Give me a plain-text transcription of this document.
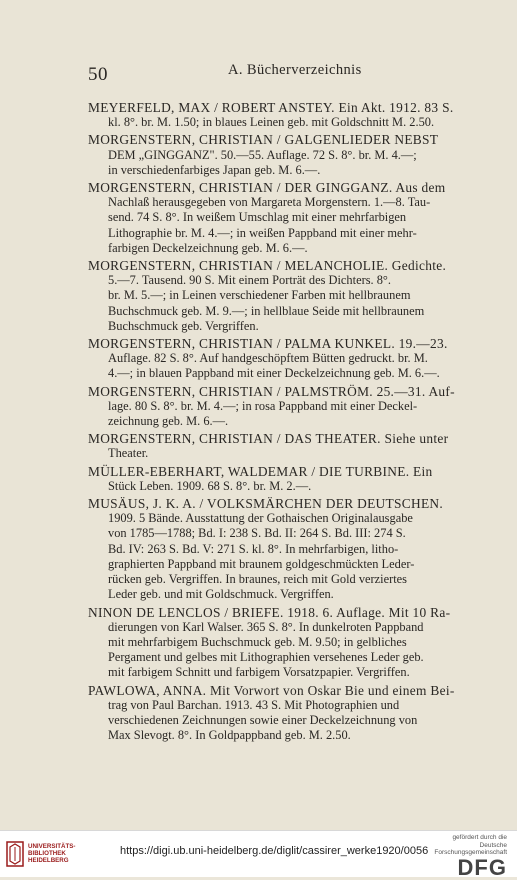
50	A. Bücherverzeichnis
MEYERFELD, MAX / ROBERT ANSTEY. Ein Akt. 1912. 83 S.
kl. 8°. br. M. 1.50; in blaues Leinen geb. mit Goldschnitt M. 2.50.
MORGENSTERN, CHRISTIAN / GALGENLIEDER NEBST
DEM „GINGGANZ". 50.—55. Auflage. 72 S. 8°. br. M. 4.—;
in verschiedenfarbiges Japan geb. M. 6.—.
MORGENSTERN, CHRISTIAN / DER GINGGANZ. Aus dem
Nachlaß herausgegeben von Margareta Morgenstern. 1.—8. Tau-
send. 74 S. 8°. In weißem Umschlag mit einer mehrfarbigen
Lithographie br. M. 4.—; in weißen Pappband mit einer mehr-
farbigen Deckelzeichnung geb. M. 6.—.
MORGENSTERN, CHRISTIAN / MELANCHOLIE. Gedichte.
5.—7. Tausend. 90 S. Mit einem Porträt des Dichters. 8°.
br. M. 5.—; in Leinen verschiedener Farben mit hellbraunem
Buchschmuck geb. M. 9.—; in hellblaue Seide mit hellbraunem
Buchschmuck geb. Vergriffen.
MORGENSTERN, CHRISTIAN / PALMA KUNKEL. 19.—23.
Auflage. 82 S. 8°. Auf handgeschöpftem Bütten gedruckt. br. M.
4.—; in blauen Pappband mit einer Deckelzeichnung geb. M. 6.—.
MORGENSTERN, CHRISTIAN / PALMSTRÖM. 25.—31. Auf-
lage. 80 S. 8°. br. M. 4.—; in rosa Pappband mit einer Deckel-
zeichnung geb. M. 6.—.
MORGENSTERN, CHRISTIAN / DAS THEATER. Siehe unter
Theater.
MÜLLER-EBERHART, WALDEMAR / DIE TURBINE. Ein
Stück Leben. 1909. 68 S. 8°. br. M. 2.—.
MUSÄUS, J. K. A. / VOLKSMÄRCHEN DER DEUTSCHEN.
1909. 5 Bände. Ausstattung der Gothaischen Originalausgabe
von 1785—1788; Bd. I: 238 S. Bd. II: 264 S. Bd. III: 274 S.
Bd. IV: 263 S. Bd. V: 271 S. kl. 8°. In mehrfarbigen, litho-
graphierten Pappband mit braunem goldgeschmückten Leder-
rücken geb. Vergriffen. In braunes, reich mit Gold verziertes
Leder geb. und mit Goldschmuck. Vergriffen.
NINON DE LENCLOS / BRIEFE. 1918. 6. Auflage. Mit 10 Ra-
dierungen von Karl Walser. 365 S. 8°. In dunkelroten Pappband
mit mehrfarbigem Buchschmuck geb. M. 9.50; in gelbliches
Pergament und gelbes mit Lithographien versehenes Leder geb.
mit farbigem Schnitt und farbigem Vorsatzpapier. Vergriffen.
PAWLOWA, ANNA. Mit Vorwort von Oskar Bie und einem Bei-
trag von Paul Barchan. 1913. 43 S. Mit Photographien und
verschiedenen Zeichnungen sowie einer Deckelzeichnung von
Max Slevogt. 8°. In Goldpappband geb. M. 2.50.
UNIVERSITÄTS-
BIBLIOTHEK
HEIDELBERG
https://digi.ub.uni-heidelberg.de/diglit/cassirer_werke1920/0056
gefördert durch die
Deutsche
Forschungsgemeinschaft
DFG
